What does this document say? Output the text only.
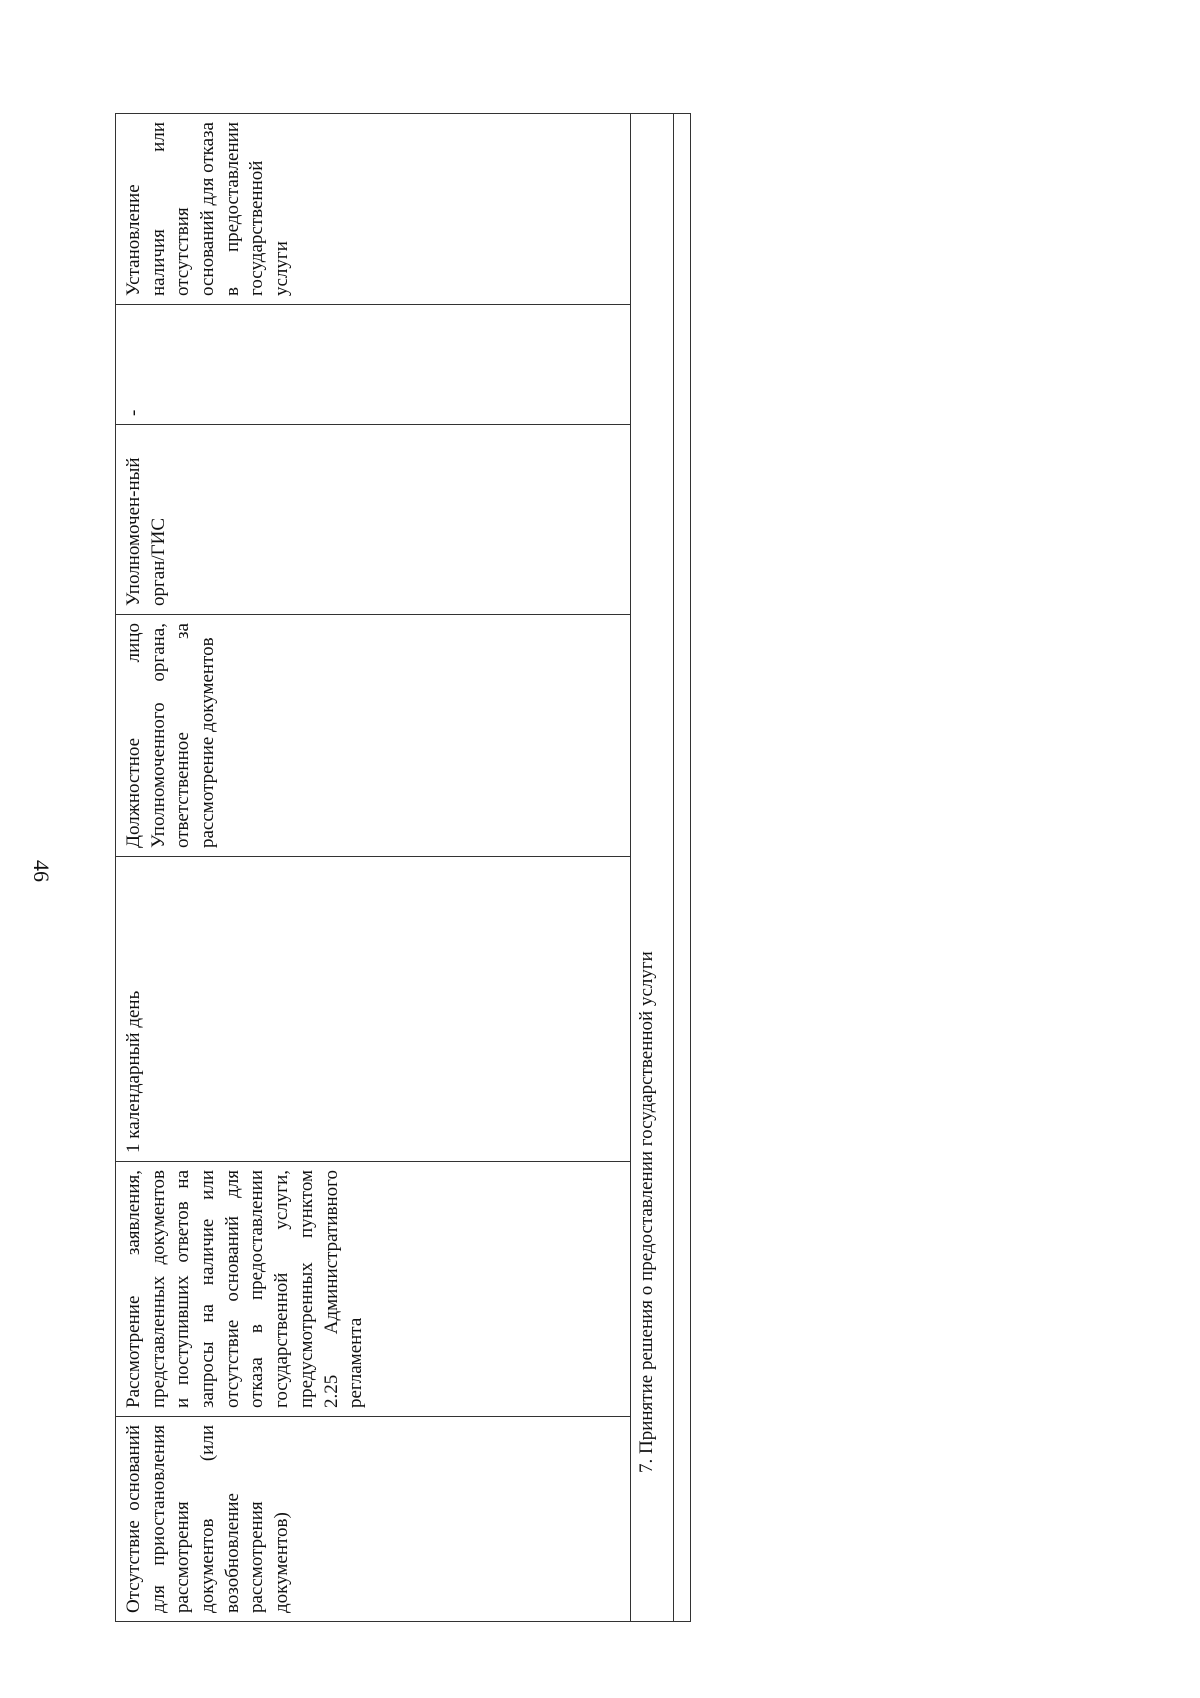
46
Отсутствие оснований для приостановления рассмотрения документов (или возобновление рассмотрения документов)	Рассмотрение заявления, представленных документов и поступивших ответов на запросы на наличие или отсутствие оснований для отказа в предоставлении государственной услуги, предусмотренных пунктом 2.25 Административного регламента	1 календарный день	Должностное лицо Уполномоченного органа, ответственное за рассмотрение документов	Уполномочен-ный орган/ГИС	-	Установление наличия или отсутствия оснований для отказа в предоставлении государственной услуги
7. Принятие решения о предоставлении государственной услуги
